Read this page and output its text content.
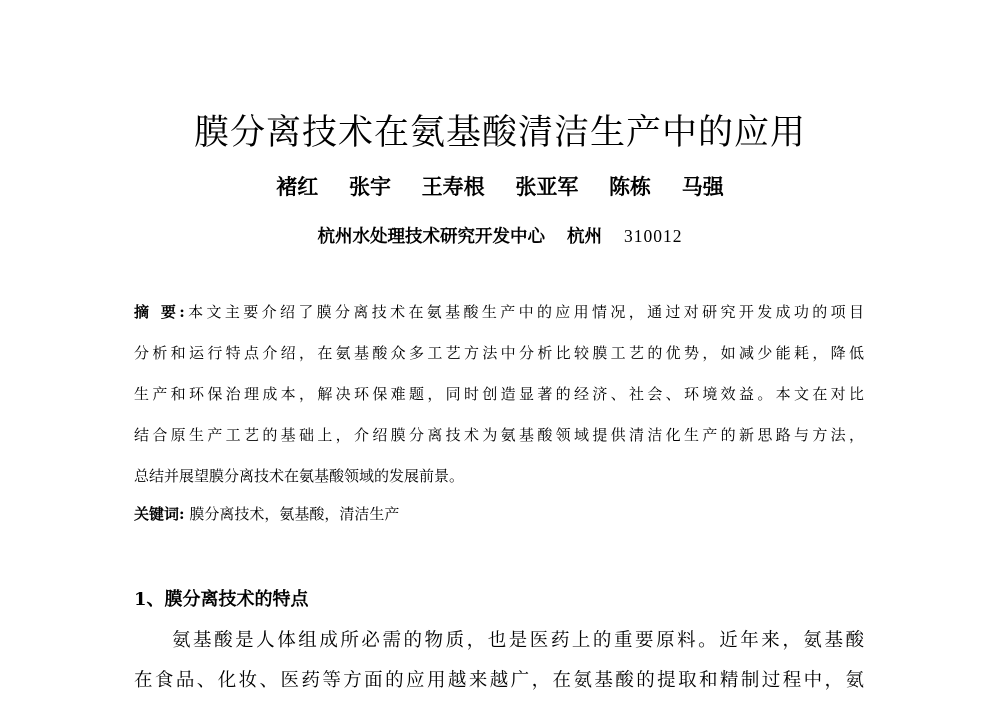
膜分离技术在氨基酸清洁生产中的应用
褚红 张宇 王寿根 张亚军 陈栋 马强
杭州水处理技术研究开发中心 杭州 310012
摘 要:本文主要介绍了膜分离技术在氨基酸生产中的应用情况，通过对研究开发成功的项目
分析和运行特点介绍，在氨基酸众多工艺方法中分析比较膜工艺的优势，如减少能耗，降低
生产和环保治理成本，解决环保难题，同时创造显著的经济、社会、环境效益。本文在对比
结合原生产工艺的基础上，介绍膜分离技术为氨基酸领域提供清洁化生产的新思路与方法，
总结并展望膜分离技术在氨基酸领域的发展前景。
关键词: 膜分离技术，氨基酸，清洁生产
1、膜分离技术的特点
氨基酸是人体组成所必需的物质，也是医药上的重要原料。近年来，氨基酸
在食品、化妆、医药等方面的应用越来越广，在氨基酸的提取和精制过程中，氨
